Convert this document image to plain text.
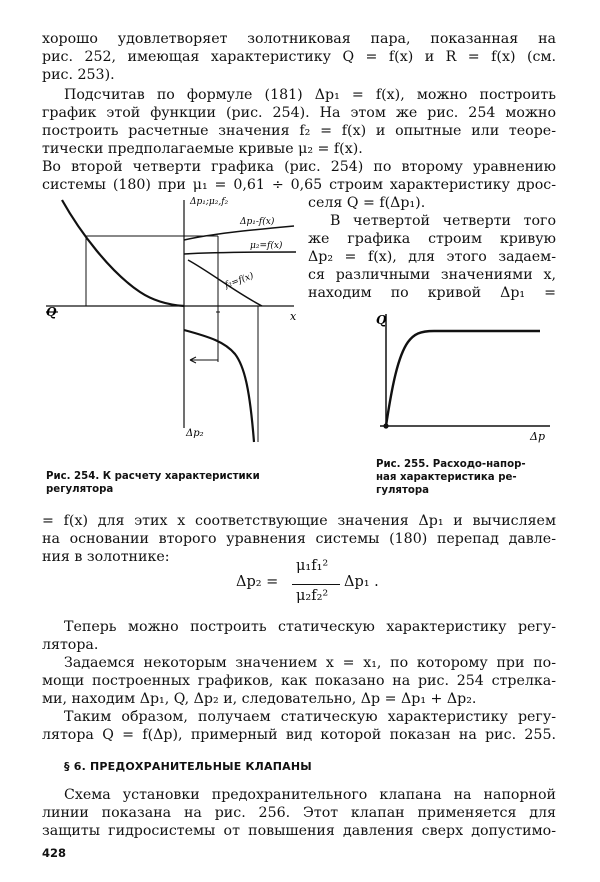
хорошо удовлетворяет золотниковая пара, показанная на
рис. 252, имеющая характеристику Q = f(x) и R = f(x) (см.
рис. 253).
Подсчитав по формуле (181) Δp₁ = f(x), можно построить
график этой функции (рис. 254). На этом же рис. 254 можно
построить расчетные значения f₂ = f(x) и опытные или теоре-
тически предполагаемые кривые μ₂ = f(x).
Во второй четверти графика (рис. 254) по второму уравнению
системы (180) при μ₁ = 0,61 ÷ 0,65 строим характеристику дрос-
селя Q = f(Δp₁).
В четвертой четверти того
же графика строим кривую
Δp₂ = f(x), для этого задаем-
ся различными значениями x,
находим по кривой Δp₁ =
Δp₁;μ₂,f₂
Δp₁-f(x)
μ₂=f(x)
f₂=f(x)
x
Q
Δp₂
Q
Δp
Рис. 254. К расчету характеристики
регулятора
Рис. 255. Расходо-напор-
ная характеристика ре-
гулятора
= f(x) для этих x соответствующие значения Δp₁ и вычисляем
на основании второго уравнения системы (180) перепад давле-
ния в золотнике:
Δp₂ =
μ₁f₁²
μ₂f₂²
Δp₁ .
Теперь можно построить статическую характеристику регу-
лятора.
Задаемся некоторым значением x = x₁, по которому при по-
мощи построенных графиков, как показано на рис. 254 стрелка-
ми, находим Δp₁, Q, Δp₂ и, следовательно, Δp = Δp₁ + Δp₂.
Таким образом, получаем статическую характеристику регу-
лятора Q = f(Δp), примерный вид которой показан на рис. 255.
§ 6. ПРЕДОХРАНИТЕЛЬНЫЕ КЛАПАНЫ
Схема установки предохранительного клапана на напорной
линии показана на рис. 256. Этот клапан применяется для
защиты гидросистемы от повышения давления сверх допустимо-
428
